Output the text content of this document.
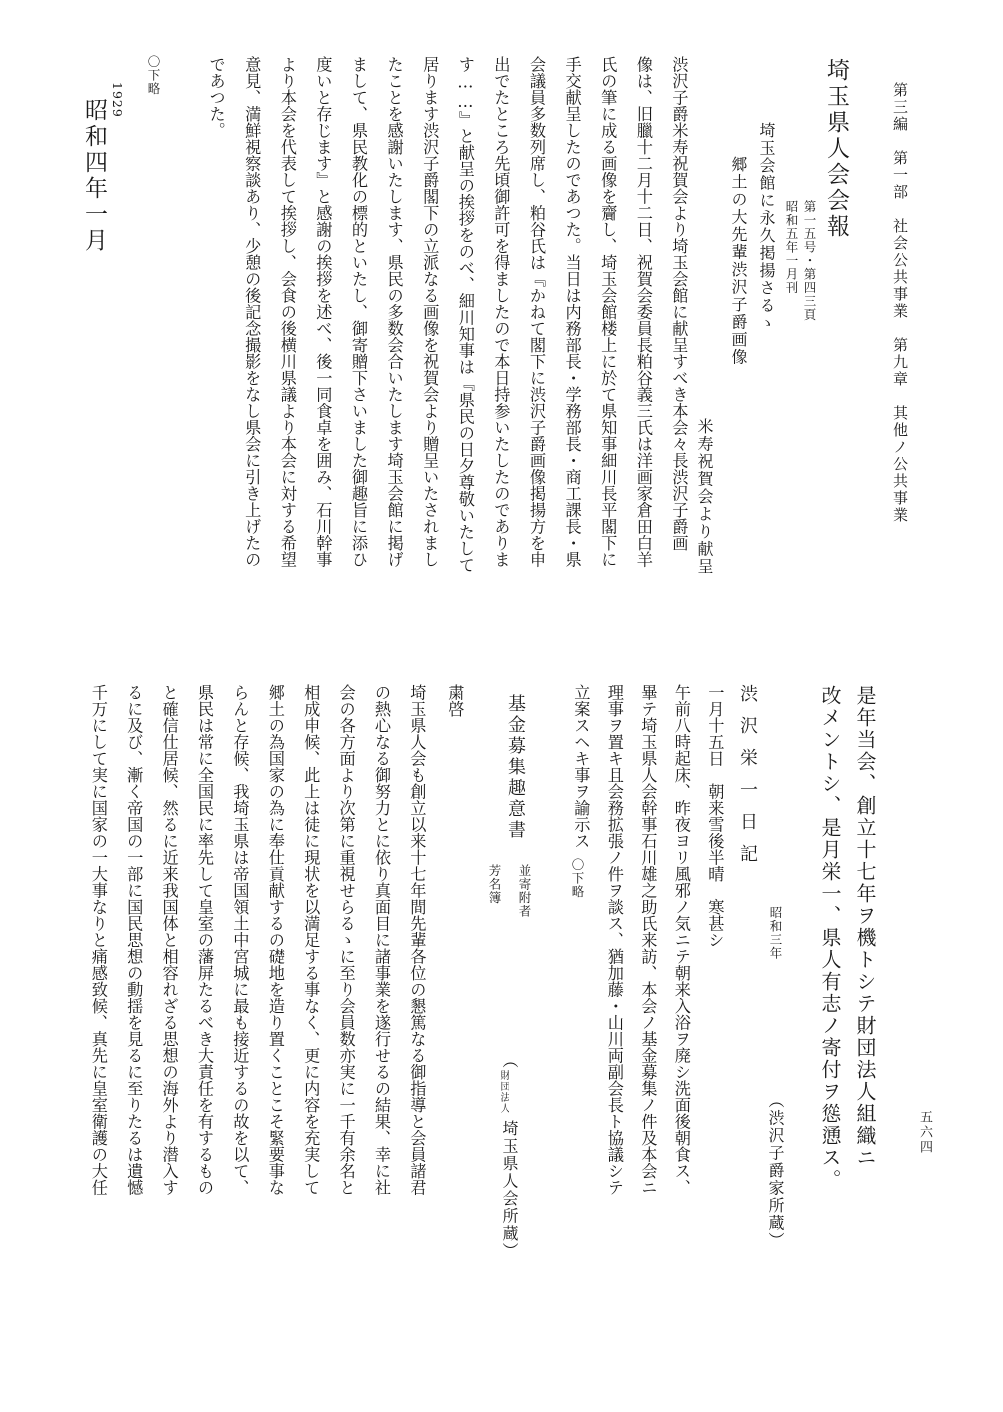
第三編　第一部　社会公共事業　第九章　其他ノ公共事業
五六四
埼玉県人会会報
第一五号・第四三頁
昭和五年一月刊
埼玉会館に永久掲揚さるゝ
郷土の大先輩渋沢子爵画像
米寿祝賀会より献呈
渋沢子爵米寿祝賀会より埼玉会館に献呈すべき本会々長渋沢子爵画
像は、旧臘十二月十二日、祝賀会委員長粕谷義三氏は洋画家倉田白羊
氏の筆に成る画像を齎し、埼玉会館楼上に於て県知事細川長平閣下に
手交献呈したのであつた。当日は内務部長・学務部長・商工課長・県
会議員多数列席し、粕谷氏は『かねて閣下に渋沢子爵画像掲揚方を申
出でたところ先頃御許可を得ましたので本日持参いたしたのでありま
す……』と献呈の挨拶をのべ、細川知事は『県民の日夕尊敬いたして
居ります渋沢子爵閣下の立派なる画像を祝賀会より贈呈いたされまし
たことを感謝いたします、県民の多数会合いたします埼玉会館に掲げ
まして、県民教化の標的といたし、御寄贈下さいました御趣旨に添ひ
度いと存じます』と感謝の挨拶を述べ、後一同食卓を囲み、石川幹事
より本会を代表して挨拶し、会食の後横川県議より本会に対する希望
意見、満鮮視察談あり、少憩の後記念撮影をなし県会に引き上げたの
であつた。
〇下略
1929
昭和四年一月
是年当会、創立十七年ヲ機トシテ財団法人組織ニ
改メントシ、是月栄一、県人有志ノ寄付ヲ慫慂ス。
（渋沢子爵家所蔵）
渋沢栄一日記
昭和三年
一月十五日　朝来雪後半晴　寒甚シ
午前八時起床、昨夜ヨリ風邪ノ気ニテ朝来入浴ヲ廃シ洗面後朝食ス、
畢テ埼玉県人会幹事石川雄之助氏来訪、本会ノ基金募集ノ件及本会ニ
理事ヲ置キ且会務拡張ノ件ヲ談ス、猶加藤・山川両副会長ト協議シテ
立案スヘキ事ヲ諭示ス
〇下略
基金募集趣意書
並寄附者
芳名簿
（
財団法人
埼玉県人会所蔵）
粛啓
埼玉県人会も創立以来十七年間先輩各位の懇篤なる御指導と会員諸君
の熱心なる御努力とに依り真面目に諸事業を遂行せるの結果、幸に社
会の各方面より次第に重視せらるゝに至り会員数亦実に一千有余名と
相成申候、此上は徒に現状を以満足する事なく、更に内容を充実して
郷土の為国家の為に奉仕貢献するの礎地を造り置くことこそ緊要事な
らんと存候、我埼玉県は帝国領土中宮城に最も接近するの故を以て、
県民は常に全国民に率先して皇室の藩屏たるべき大責任を有するもの
と確信仕居候、然るに近来我国体と相容れざる思想の海外より潜入す
るに及び、漸く帝国の一部に国民思想の動揺を見るに至りたるは遺憾
千万にして実に国家の一大事なりと痛感致候、真先に皇室衛護の大任
